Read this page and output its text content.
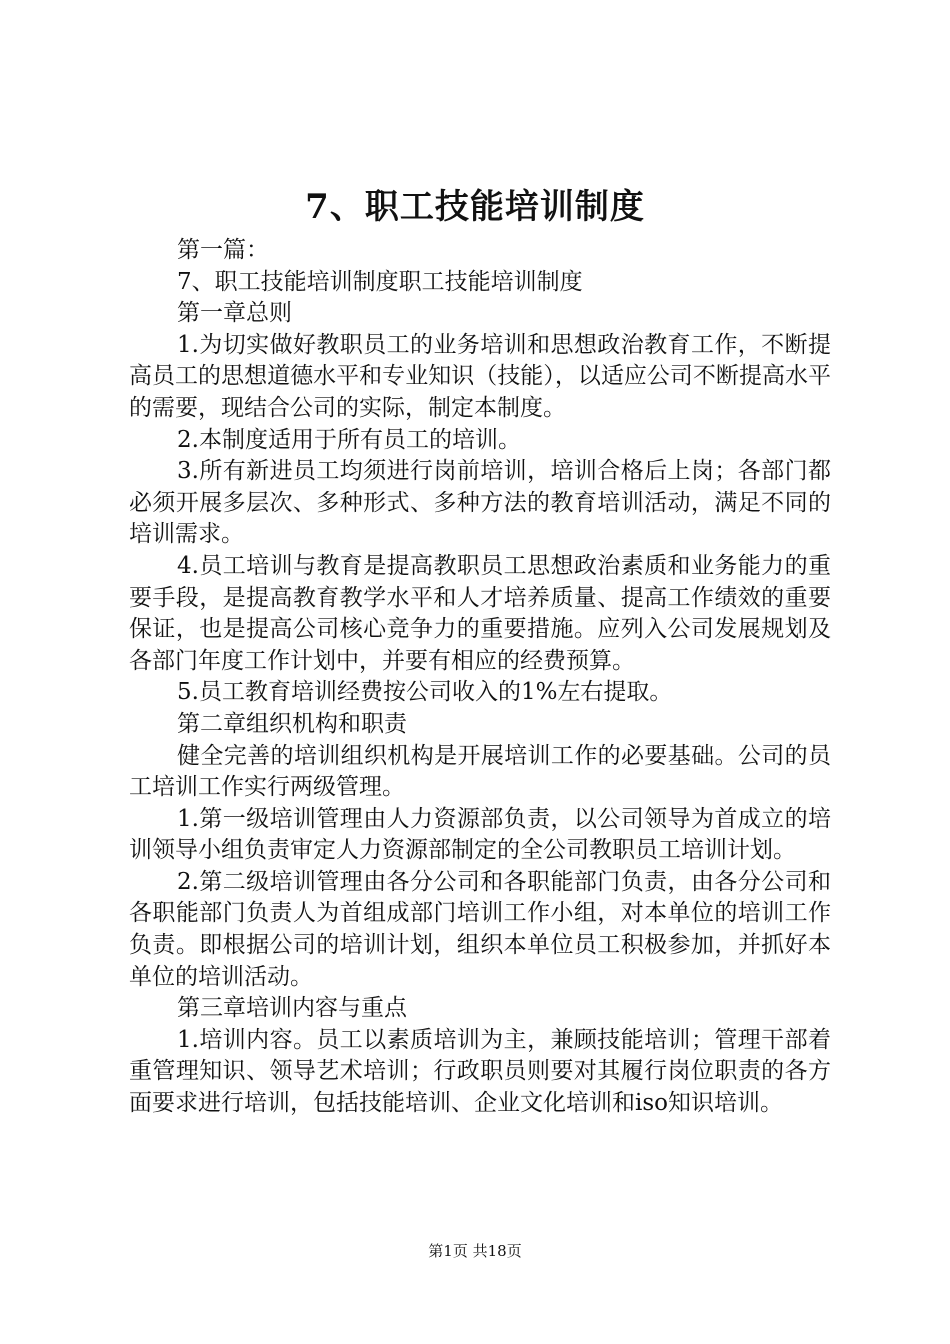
7、职工技能培训制度

第一篇：

7、职工技能培训制度职工技能培训制度

第一章总则

1.为切实做好教职员工的业务培训和思想政治教育工作，不断提高员工的思想道德水平和专业知识（技能），以适应公司不断提高水平的需要，现结合公司的实际，制定本制度。

2.本制度适用于所有员工的培训。

3.所有新进员工均须进行岗前培训，培训合格后上岗；各部门都必须开展多层次、多种形式、多种方法的教育培训活动，满足不同的培训需求。

4.员工培训与教育是提高教职员工思想政治素质和业务能力的重要手段，是提高教育教学水平和人才培养质量、提高工作绩效的重要保证，也是提高公司核心竞争力的重要措施。应列入公司发展规划及各部门年度工作计划中，并要有相应的经费预算。

5.员工教育培训经费按公司收入的1%左右提取。

第二章组织机构和职责

健全完善的培训组织机构是开展培训工作的必要基础。公司的员工培训工作实行两级管理。

1.第一级培训管理由人力资源部负责，以公司领导为首成立的培训领导小组负责审定人力资源部制定的全公司教职员工培训计划。

2.第二级培训管理由各分公司和各职能部门负责，由各分公司和各职能部门负责人为首组成部门培训工作小组，对本单位的培训工作负责。即根据公司的培训计划，组织本单位员工积极参加，并抓好本单位的培训活动。

第三章培训内容与重点

1.培训内容。员工以素质培训为主，兼顾技能培训；管理干部着重管理知识、领导艺术培训；行政职员则要对其履行岗位职责的各方面要求进行培训，包括技能培训、企业文化培训和iso知识培训。

第1页 共18页
